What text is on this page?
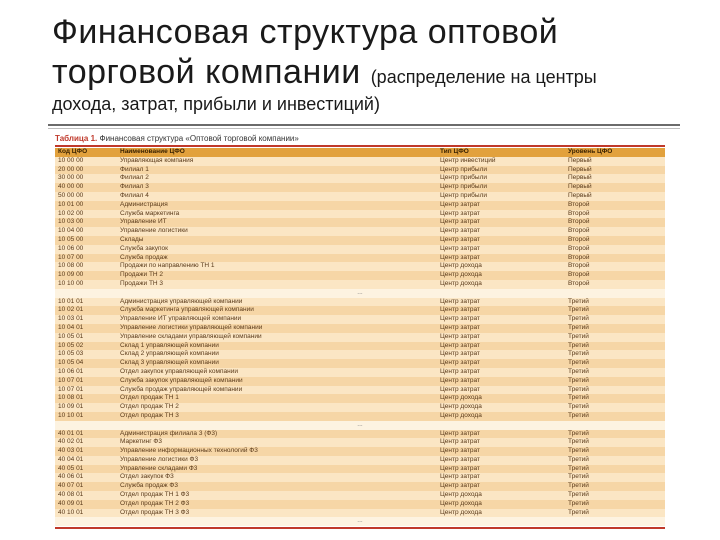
Финансовая структура оптовой
торговой компании (распределение на центры
дохода, затрат, прибыли и инвестиций)
Таблица 1. Финансовая структура «Оптовой торговой компании»
Код ЦФО	Наименование ЦФО	Тип ЦФО	Уровень ЦФО
10 00 00	Управляющая компания	Центр инвестиций	Первый
20 00 00	Филиал 1	Центр прибыли	Первый
30 00 00	Филиал 2	Центр прибыли	Первый
40 00 00	Филиал 3	Центр прибыли	Первый
50 00 00	Филиал 4	Центр прибыли	Первый
10 01 00	Администрация	Центр затрат	Второй
10 02 00	Служба маркетинга	Центр затрат	Второй
10 03 00	Управление ИТ	Центр затрат	Второй
10 04 00	Управление логистики	Центр затрат	Второй
10 05 00	Склады	Центр затрат	Второй
10 06 00	Служба закупок	Центр затрат	Второй
10 07 00	Служба продаж	Центр затрат	Второй
10 08 00	Продажи по направлению ТН 1	Центр дохода	Второй
10 09 00	Продажи ТН 2	Центр дохода	Второй
10 10 00	Продажи ТН 3	Центр дохода	Второй
...			
10 01 01	Администрация управляющей компании	Центр затрат	Третий
10 02 01	Служба маркетинга управляющей компании	Центр затрат	Третий
10 03 01	Управление ИТ управляющей компании	Центр затрат	Третий
10 04 01	Управление логистики управляющей компании	Центр затрат	Третий
10 05 01	Управление складами управляющей компании	Центр затрат	Третий
10 05 02	Склад 1 управляющей компании	Центр затрат	Третий
10 05 03	Склад 2 управляющей компании	Центр затрат	Третий
10 05 04	Склад 3 управляющей компании	Центр затрат	Третий
10 06 01	Отдел закупок управляющей компании	Центр затрат	Третий
10 07 01	Служба закупок управляющей компании	Центр затрат	Третий
10 07 01	Служба продаж управляющей компании	Центр затрат	Третий
10 08 01	Отдел продаж ТН 1	Центр дохода	Третий
10 09 01	Отдел продаж ТН 2	Центр дохода	Третий
10 10 01	Отдел продаж ТН 3	Центр дохода	Третий
...			
40 01 01	Администрация филиала 3 (Ф3)	Центр затрат	Третий
40 02 01	Маркетинг Ф3	Центр затрат	Третий
40 03 01	Управление информационных технологий Ф3	Центр затрат	Третий
40 04 01	Управление логистики Ф3	Центр затрат	Третий
40 05 01	Управление складами Ф3	Центр затрат	Третий
40 06 01	Отдел закупок Ф3	Центр затрат	Третий
40 07 01	Служба продаж Ф3	Центр затрат	Третий
40 08 01	Отдел продаж ТН 1 Ф3	Центр дохода	Третий
40 09 01	Отдел продаж ТН 2 Ф3	Центр дохода	Третий
40 10 01	Отдел продаж ТН 3 Ф3	Центр дохода	Третий
...			
